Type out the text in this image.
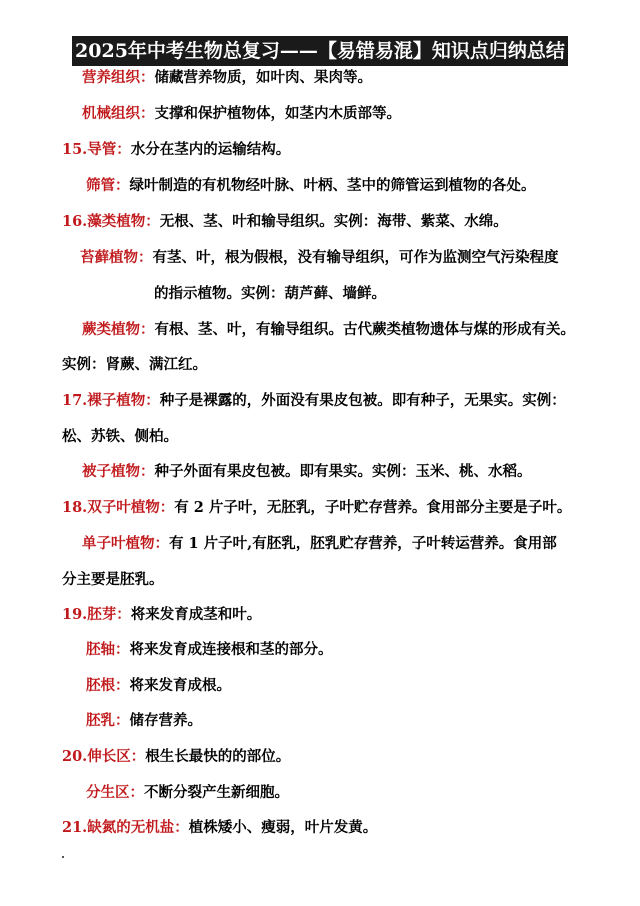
2025年中考生物总复习——【易错易混】知识点归纳总结
营养组织：储藏营养物质，如叶肉、果肉等。
机械组织：支撑和保护植物体，如茎内木质部等。
15.导管：水分在茎内的运输结构。
筛管：绿叶制造的有机物经叶脉、叶柄、茎中的筛管运到植物的各处。
16.藻类植物：无根、茎、叶和输导组织。实例：海带、紫菜、水绵。
苔藓植物：有茎、叶，根为假根，没有输导组织，可作为监测空气污染程度
的指示植物。实例：葫芦藓、墙鲜。
蕨类植物：有根、茎、叶，有输导组织。古代蕨类植物遗体与煤的形成有关。
实例：肾蕨、满江红。
17.裸子植物：种子是裸露的，外面没有果皮包被。即有种子，无果实。实例：
松、苏铁、侧柏。
被子植物：种子外面有果皮包被。即有果实。实例：玉米、桃、水稻。
18.双子叶植物：有 2 片子叶，无胚乳，子叶贮存营养。食用部分主要是子叶。
单子叶植物：有 1 片子叶,有胚乳，胚乳贮存营养，子叶转运营养。食用部
分主要是胚乳。
19.胚芽：将来发育成茎和叶。
胚轴：将来发育成连接根和茎的部分。
胚根：将来发育成根。
胚乳：储存营养。
20.伸长区：根生长最快的的部位。
分生区：不断分裂产生新细胞。
21.缺氮的无机盐：植株矮小、瘦弱，叶片发黄。
